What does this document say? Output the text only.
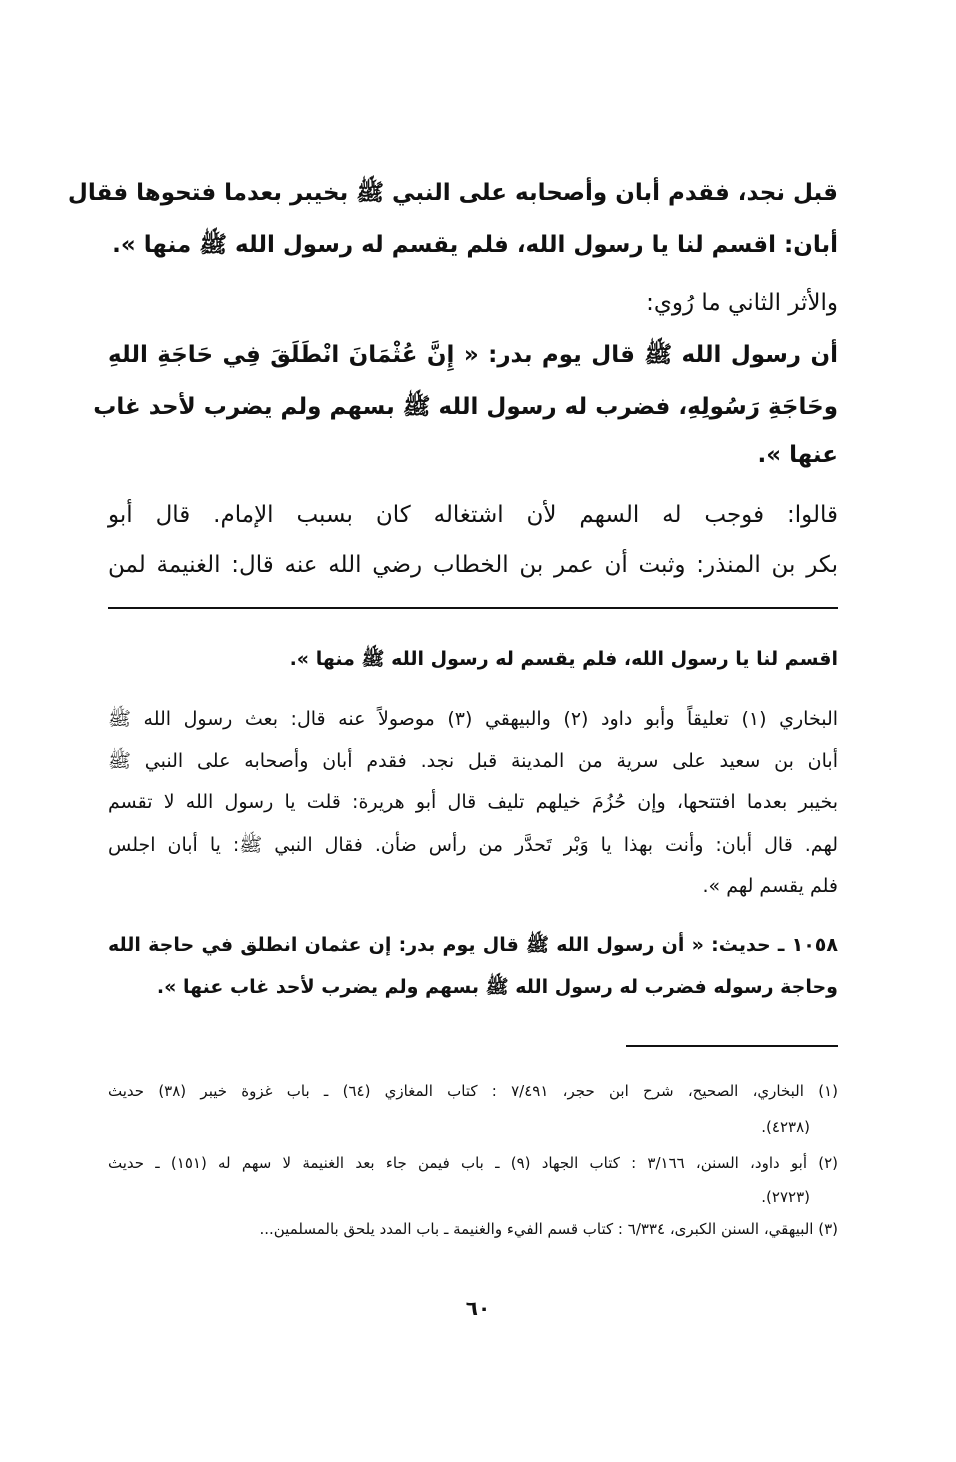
قبل نجد، فقدم أبان وأصحابه على النبي ﷺ بخيبر بعدما فتحوها فقال
أبان: اقسم لنا يا رسول الله، فلم يقسم له رسول الله ﷺ منها ».
والأثر الثاني ما رُوي:
أن رسول الله ﷺ قال يوم بدر: « إِنَّ عُثْمَانَ انْطَلَقَ فِي حَاجَةِ اللهِ
وحَاجَةِ رَسُولِهِ، فضرب له رسول الله ﷺ بسهم ولم يضرب لأحد غاب
عنها ».
قالوا: فوجب له السهم لأن اشتغاله كان بسبب الإمام. قال أبو
بكر بن المنذر: وثبت أن عمر بن الخطاب رضي الله عنه قال: الغنيمة لمن
اقسم لنا يا رسول الله، فلم يقسم له رسول الله ﷺ منها ».
البخاري (١) تعليقاً وأبو داود (٢) والبيهقي (٣) موصولاً عنه قال: بعث رسول الله ﷺ
أبان بن سعيد على سرية من المدينة قبل نجد. فقدم أبان وأصحابه على النبي ﷺ
بخيبر بعدما افتتحها، وإن حُزُمَ خيلهم تليف قال أبو هريرة: قلت يا رسول الله لا تقسم
لهم. قال أبان: وأنت بهذا يا وَبْر تَحدَّر من رأس ضأن. فقال النبي ﷺ: يا أبان اجلس
فلم يقسم لهم ».
١٠٥٨ ـ حديث: « أن رسول الله ﷺ قال يوم بدر: إن عثمان انطلق في حاجة الله
وحاجة رسوله فضرب له رسول الله ﷺ بسهم ولم يضرب لأحد غاب عنها ».
(١) البخاري، الصحيح، شرح ابن حجر، ٧/٤٩١ : كتاب المغازي (٦٤) ـ باب غزوة خيبر (٣٨) حديث
(٤٢٣٨).
(٢) أبو داود، السنن، ٣/١٦٦ : كتاب الجهاد (٩) ـ باب فيمن جاء بعد الغنيمة لا سهم له (١٥١) ـ حديث
(٢٧٢٣).
(٣) البيهقي، السنن الكبرى، ٦/٣٣٤ : كتاب قسم الفيء والغنيمة ـ باب المدد يلحق بالمسلمين...
٦٠
